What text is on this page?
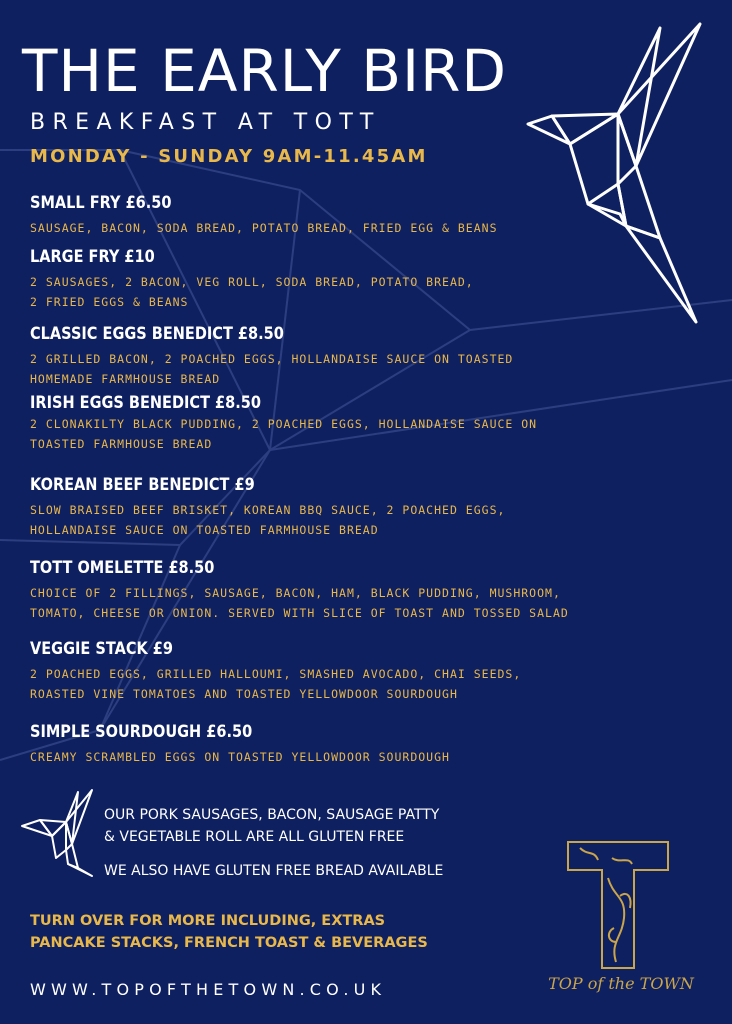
THE EARLY BIRD
BREAKFAST AT TOTT
MONDAY - SUNDAY 9AM-11.45AM
SMALL FRY £6.50
SAUSAGE, BACON, SODA BREAD, POTATO BREAD, FRIED EGG & BEANS
LARGE FRY £10
2 SAUSAGES, 2 BACON, VEG ROLL, SODA BREAD, POTATO BREAD,
2 FRIED EGGS & BEANS
CLASSIC EGGS BENEDICT £8.50
2 GRILLED BACON, 2 POACHED EGGS, HOLLANDAISE SAUCE ON TOASTED
HOMEMADE FARMHOUSE BREAD
IRISH EGGS BENEDICT £8.50
2 CLONAKILTY BLACK PUDDING, 2 POACHED EGGS, HOLLANDAISE SAUCE ON
TOASTED FARMHOUSE BREAD
KOREAN BEEF BENEDICT £9
SLOW BRAISED BEEF BRISKET, KOREAN BBQ SAUCE, 2 POACHED EGGS,
HOLLANDAISE SAUCE ON TOASTED FARMHOUSE BREAD
TOTT OMELETTE £8.50
CHOICE OF 2 FILLINGS, SAUSAGE, BACON, HAM, BLACK PUDDING, MUSHROOM,
TOMATO, CHEESE OR ONION. SERVED WITH SLICE OF TOAST AND TOSSED SALAD
VEGGIE STACK £9
2 POACHED EGGS, GRILLED HALLOUMI, SMASHED AVOCADO, CHAI SEEDS,
ROASTED VINE TOMATOES AND TOASTED YELLOWDOOR SOURDOUGH
SIMPLE SOURDOUGH £6.50
CREAMY SCRAMBLED EGGS ON TOASTED YELLOWDOOR SOURDOUGH
OUR PORK SAUSAGES, BACON, SAUSAGE PATTY
& VEGETABLE ROLL ARE ALL GLUTEN FREE
WE ALSO HAVE GLUTEN FREE BREAD AVAILABLE
TURN OVER FOR MORE INCLUDING, EXTRAS
PANCAKE STACKS, FRENCH TOAST & BEVERAGES
WWW.TOPOFTHETOWN.CO.UK	TOP of the TOWN
